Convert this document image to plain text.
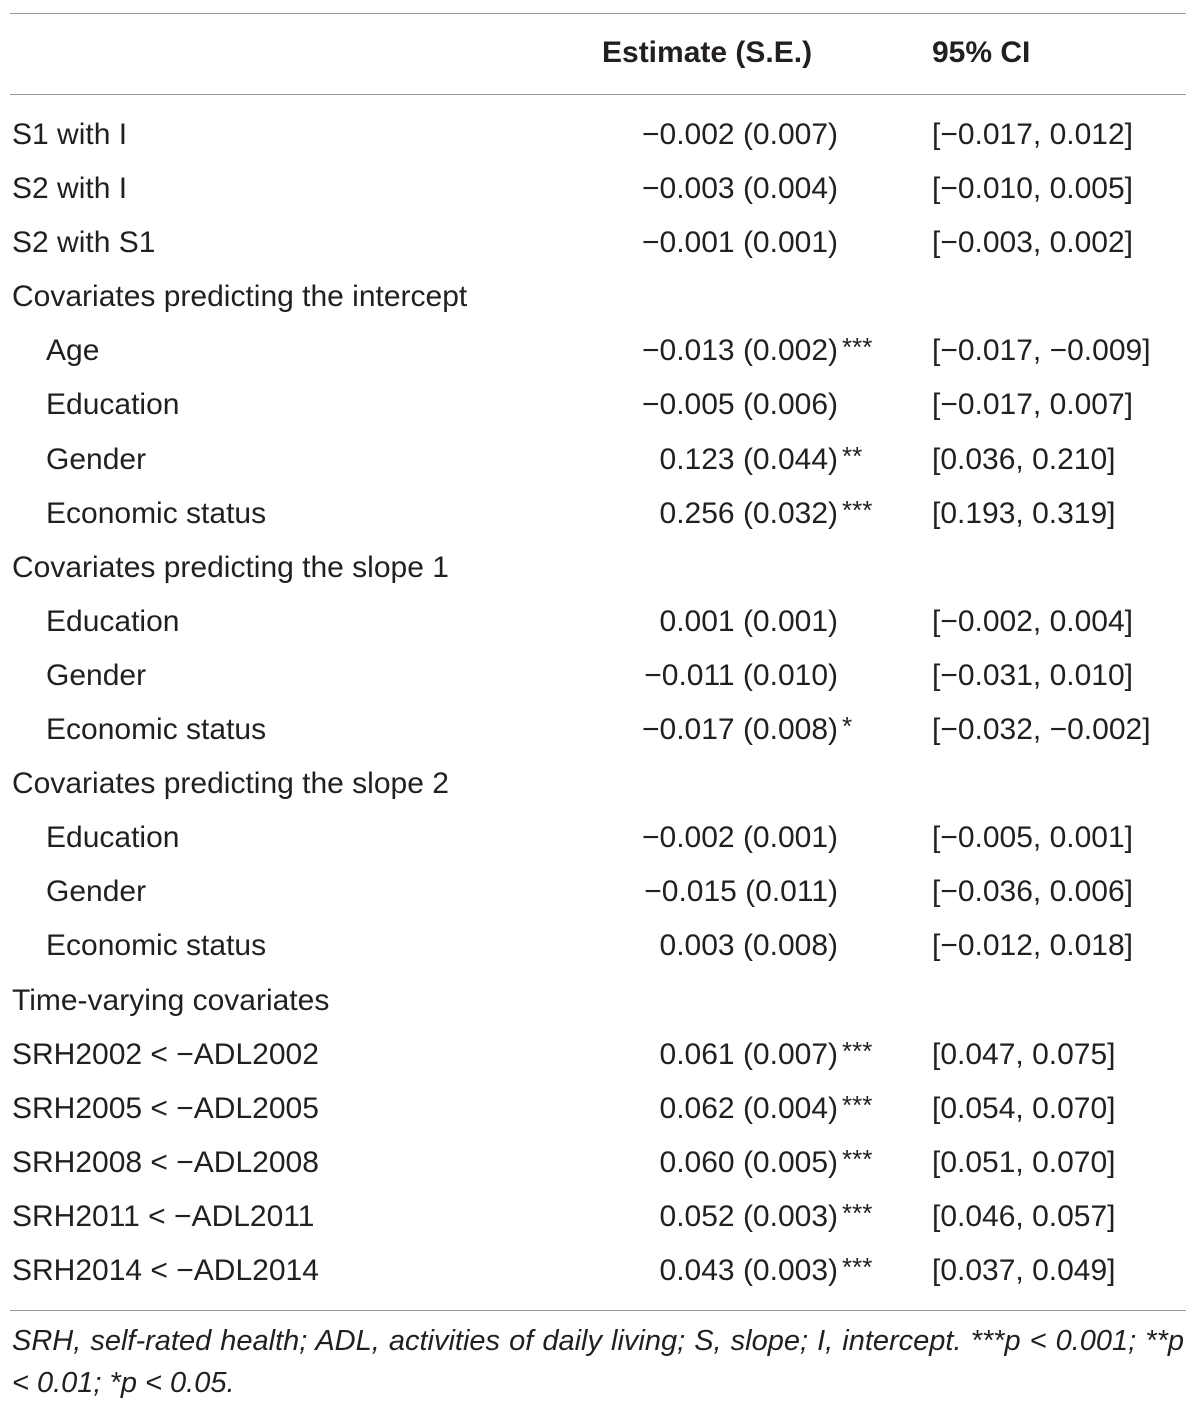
Estimate (S.E.)	95% CI
S1 with I	−0.002 (0.007)	[−0.017, 0.012]
S2 with I	−0.003 (0.004)	[−0.010, 0.005]
S2 with S1	−0.001 (0.001)	[−0.003, 0.002]
Covariates predicting the intercept
Age	−0.013 (0.002) *** [−0.017, −0.009]
Education	−0.005 (0.006)	[−0.017, 0.007]
Gender	0.123 (0.044) ** [0.036, 0.210]
Economic status	0.256 (0.032) *** [0.193, 0.319]
Covariates predicting the slope 1
Education	0.001 (0.001)	[−0.002, 0.004]
Gender	−0.011 (0.010)	[−0.031, 0.010]
Economic status	−0.017 (0.008) *	[−0.032, −0.002]
Covariates predicting the slope 2
Education	−0.002 (0.001)	[−0.005, 0.001]
Gender	−0.015 (0.011)	[−0.036, 0.006]
Economic status	0.003 (0.008)	[−0.012, 0.018]
Time-varying covariates
SRH2002 < −ADL2002	0.061 (0.007) *** [0.047, 0.075]
SRH2005 < −ADL2005	0.062 (0.004) *** [0.054, 0.070]
SRH2008 < −ADL2008	0.060 (0.005) *** [0.051, 0.070]
SRH2011 < −ADL2011	0.052 (0.003) *** [0.046, 0.057]
SRH2014 < −ADL2014	0.043 (0.003) *** [0.037, 0.049]
SRH, self-rated health; ADL, activities of daily living; S, slope; I, intercept. ***p < 0.001; **p < 0.01; *p < 0.05.
